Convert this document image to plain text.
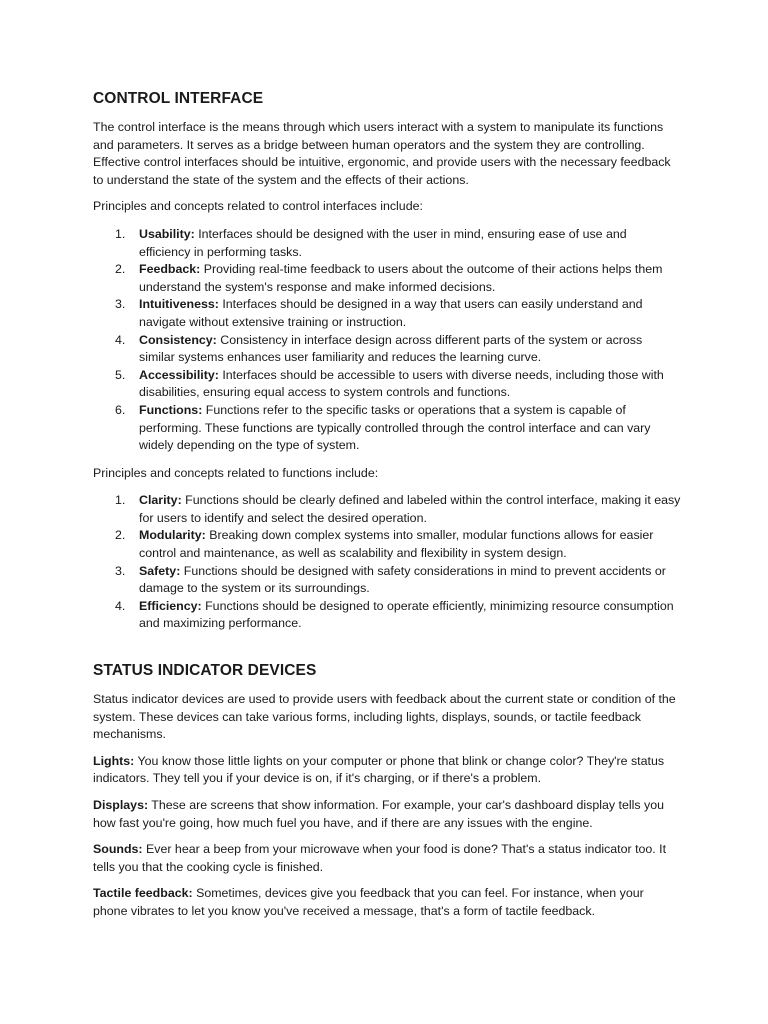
CONTROL INTERFACE

The control interface is the means through which users interact with a system to manipulate its functions and parameters. It serves as a bridge between human operators and the system they are controlling. Effective control interfaces should be intuitive, ergonomic, and provide users with the necessary feedback to understand the state of the system and the effects of their actions.

Principles and concepts related to control interfaces include:

1. Usability: Interfaces should be designed with the user in mind, ensuring ease of use and efficiency in performing tasks.
2. Feedback: Providing real-time feedback to users about the outcome of their actions helps them understand the system's response and make informed decisions.
3. Intuitiveness: Interfaces should be designed in a way that users can easily understand and navigate without extensive training or instruction.
4. Consistency: Consistency in interface design across different parts of the system or across similar systems enhances user familiarity and reduces the learning curve.
5. Accessibility: Interfaces should be accessible to users with diverse needs, including those with disabilities, ensuring equal access to system controls and functions.
6. Functions: Functions refer to the specific tasks or operations that a system is capable of performing. These functions are typically controlled through the control interface and can vary widely depending on the type of system.

Principles and concepts related to functions include:

1. Clarity: Functions should be clearly defined and labeled within the control interface, making it easy for users to identify and select the desired operation.
2. Modularity: Breaking down complex systems into smaller, modular functions allows for easier control and maintenance, as well as scalability and flexibility in system design.
3. Safety: Functions should be designed with safety considerations in mind to prevent accidents or damage to the system or its surroundings.
4. Efficiency: Functions should be designed to operate efficiently, minimizing resource consumption and maximizing performance.
STATUS INDICATOR DEVICES

Status indicator devices are used to provide users with feedback about the current state or condition of the system. These devices can take various forms, including lights, displays, sounds, or tactile feedback mechanisms.

Lights: You know those little lights on your computer or phone that blink or change color? They're status indicators. They tell you if your device is on, if it's charging, or if there's a problem.

Displays: These are screens that show information. For example, your car's dashboard display tells you how fast you're going, how much fuel you have, and if there are any issues with the engine.

Sounds: Ever hear a beep from your microwave when your food is done? That's a status indicator too. It tells you that the cooking cycle is finished.

Tactile feedback: Sometimes, devices give you feedback that you can feel. For instance, when your phone vibrates to let you know you've received a message, that's a form of tactile feedback.
